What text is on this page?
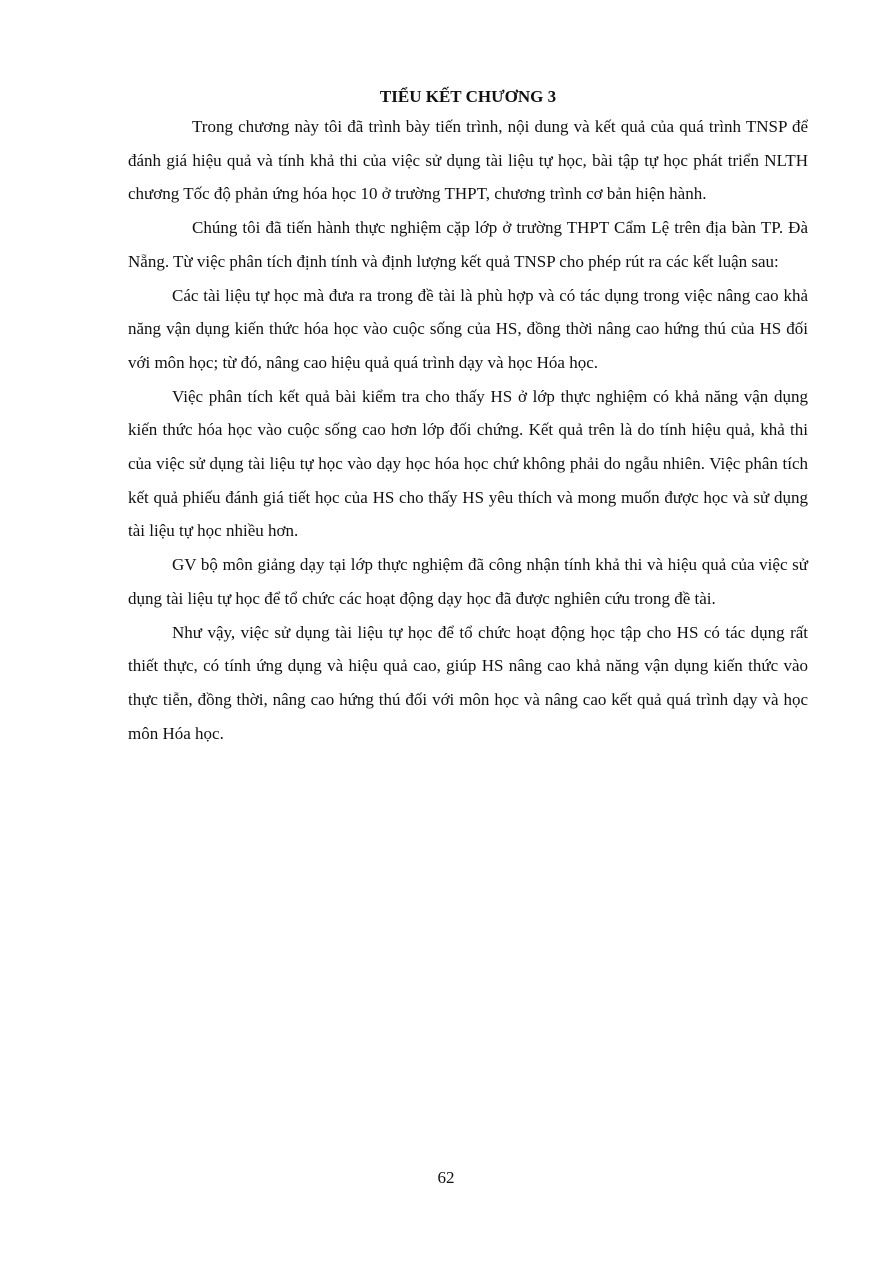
TIỂU KẾT CHƯƠNG 3

Trong chương này tôi đã trình bày tiến trình, nội dung và kết quả của quá trình TNSP để đánh giá hiệu quả và tính khả thi của việc sử dụng tài liệu tự học, bài tập tự học phát triển NLTH chương Tốc độ phản ứng hóa học 10 ở trường THPT, chương trình cơ bản hiện hành.

Chúng tôi đã tiến hành thực nghiệm cặp lớp ở trường THPT Cẩm Lệ trên địa bàn TP. Đà Nẵng. Từ việc phân tích định tính và định lượng kết quả TNSP cho phép rút ra các kết luận sau:

Các tài liệu tự học mà đưa ra trong đề tài là phù hợp và có tác dụng trong việc nâng cao khả năng vận dụng kiến thức hóa học vào cuộc sống của HS, đồng thời nâng cao hứng thú của HS đối với môn học; từ đó, nâng cao hiệu quả quá trình dạy và học Hóa học.

Việc phân tích kết quả bài kiểm tra cho thấy HS ở lớp thực nghiệm có khả năng vận dụng kiến thức hóa học vào cuộc sống cao hơn lớp đối chứng. Kết quả trên là do tính hiệu quả, khả thi của việc sử dụng tài liệu tự học vào dạy học hóa học chứ không phải do ngẫu nhiên. Việc phân tích kết quả phiếu đánh giá tiết học của HS cho thấy HS yêu thích và mong muốn được học và sử dụng tài liệu tự học nhiều hơn.

GV bộ môn giảng dạy tại lớp thực nghiệm đã công nhận tính khả thi và hiệu quả của việc sử dụng tài liệu tự học để tổ chức các hoạt động dạy học đã được nghiên cứu trong đề tài.

Như vậy, việc sử dụng tài liệu tự học để tổ chức hoạt động học tập cho HS có tác dụng rất thiết thực, có tính ứng dụng và hiệu quả cao, giúp HS nâng cao khả năng vận dụng kiến thức vào thực tiễn, đồng thời, nâng cao hứng thú đối với môn học và nâng cao kết quả quá trình dạy và học môn Hóa học.

62
